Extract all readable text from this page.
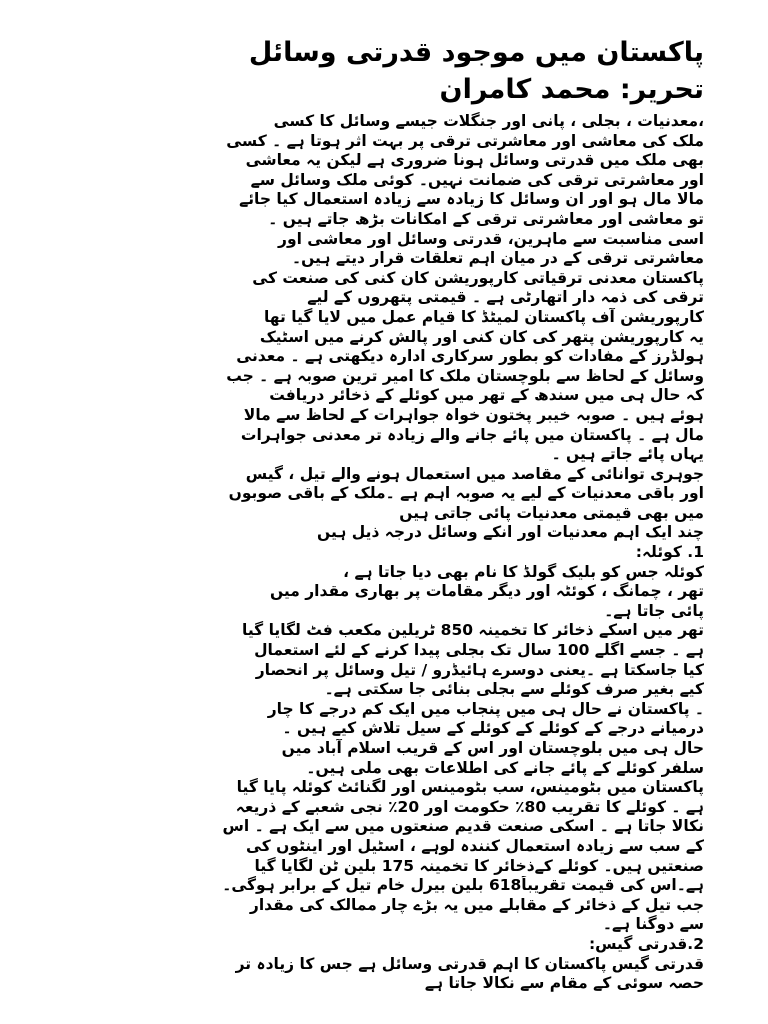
پاکستان میں موجود قدرتی وسائل
تحریر: محمد کامران
،معدنیات ، بجلی ، پانی اور جنگلات جیسے وسائل کا کسی
ملک کی معاشی اور معاشرتی ترقی پر بہت اثر ہوتا ہے ۔ کسی
بھی ملک میں قدرتی وسائل ہونا ضروری ہے لیکن یہ معاشی
اور معاشرتی ترقی کی ضمانت نہیں۔ کوئی ملک وسائل سے
مالا مال ہو اور ان وسائل کا زیادہ سے زیادہ استعمال کیا جائے
تو معاشی اور معاشرتی ترقی کے امکانات بڑھ جاتے ہیں ۔
اسی مناسبت سے ماہرین، قدرتی وسائل اور معاشی اور
معاشرتی ترقی کے در میان اہم تعلقات قرار دیتے ہیں۔
پاکستان معدنی ترقیاتی کارپوریشن کان کنی کی صنعت کی
ترقی کی ذمہ دار اتھارٹی ہے ۔ قیمتی پتھروں کے لیے
کارپوریشن آف پاکستان لمیٹڈ کا قیام عمل میں لایا گیا تھا
یہ کارپوریشن پتھر کی کان کنی اور پالش کرنے میں اسٹیک
ہولڈرز کے مفادات کو بطور سرکاری ادارہ دیکھتی ہے ۔ معدنی
وسائل کے لحاظ سے بلوچستان ملک کا امیر ترین صوبہ ہے ۔ جب
کہ حال ہی میں سندھ کے تھر میں کوئلے کے ذخائر دریافت
ہوئے ہیں ۔ صوبہ خیبر پختون خواہ جواہرات کے لحاظ سے مالا
مال ہے ۔ پاکستان میں پائے جانے والے زیادہ تر معدنی جواہرات
یہاں پائے جاتے ہیں ۔
جوہری توانائی کے مقاصد میں استعمال ہونے والے تیل ، گیس
اور باقی معدنیات کے لیے یہ صوبہ اہم ہے ۔ملک کے باقی صوبوں
میں بھی قیمتی معدنیات پائی جاتی ہیں
چند ایک اہم معدنیات اور انکے وسائل درجہ ذیل ہیں
1. کوئلہ:
کوئلہ جس کو بلیک گولڈ کا نام بھی دیا جاتا ہے ،
تھر ، چمانگ ، کوئٹہ اور دیگر مقامات پر بھاری مقدار میں
پائی جاتا ہے۔
تھر میں اسکے ذخائر کا تخمینہ 850 ٹریلین مکعب فٹ لگایا گیا
ہے ۔ جسے اگلے 100 سال تک بجلی پیدا کرنے کے لئے استعمال
کیا جاسکتا ہے ۔یعنی دوسرے ہائیڈرو / تیل وسائل پر انحصار
کیے بغیر صرف کوئلے سے بجلی بنائی جا سکتی ہے۔
۔ پاکستان نے حال ہی میں پنجاب میں ایک کم درجے کا چار
درمیانے درجے کے کوئلے کے کوئلے کے سیل تلاش کیے ہیں ۔
حال ہی میں بلوچستان اور اس کے قریب اسلام آباد میں
سلفر کوئلے کے پائے جانے کی اطلاعات بھی ملی ہیں۔
پاکستان میں بٹومینس، سب بٹومینس اور لگنائٹ کوئلہ پایا گیا
ہے ۔ کوئلے کا تقریب 80٪ حکومت اور 20٪ نجی شعبے کے ذریعہ
نکالا جاتا ہے ۔ اسکی صنعت قدیم صنعتوں میں سے ایک ہے ۔ اس
کے سب سے زیادہ استعمال کنندہ لوہے ، اسٹیل اور اینٹوں کی
صنعتیں ہیں۔ کوئلے کےذخائر کا تخمینہ 175 بلین ٹن لگایا گیا
ہے۔اس کی قیمت تقریباً618 بلین بیرل خام تیل کے برابر ہوگی۔
جب تیل کے ذخائر کے مقابلے میں یہ بڑے چار ممالک کی مقدار
سے دوگنا ہے۔
2.قدرتی گیس:
قدرتی گیس پاکستان کا اہم قدرتی وسائل ہے جس کا زیادہ تر
حصہ سوئی کے مقام سے نکالا جاتا ہے
